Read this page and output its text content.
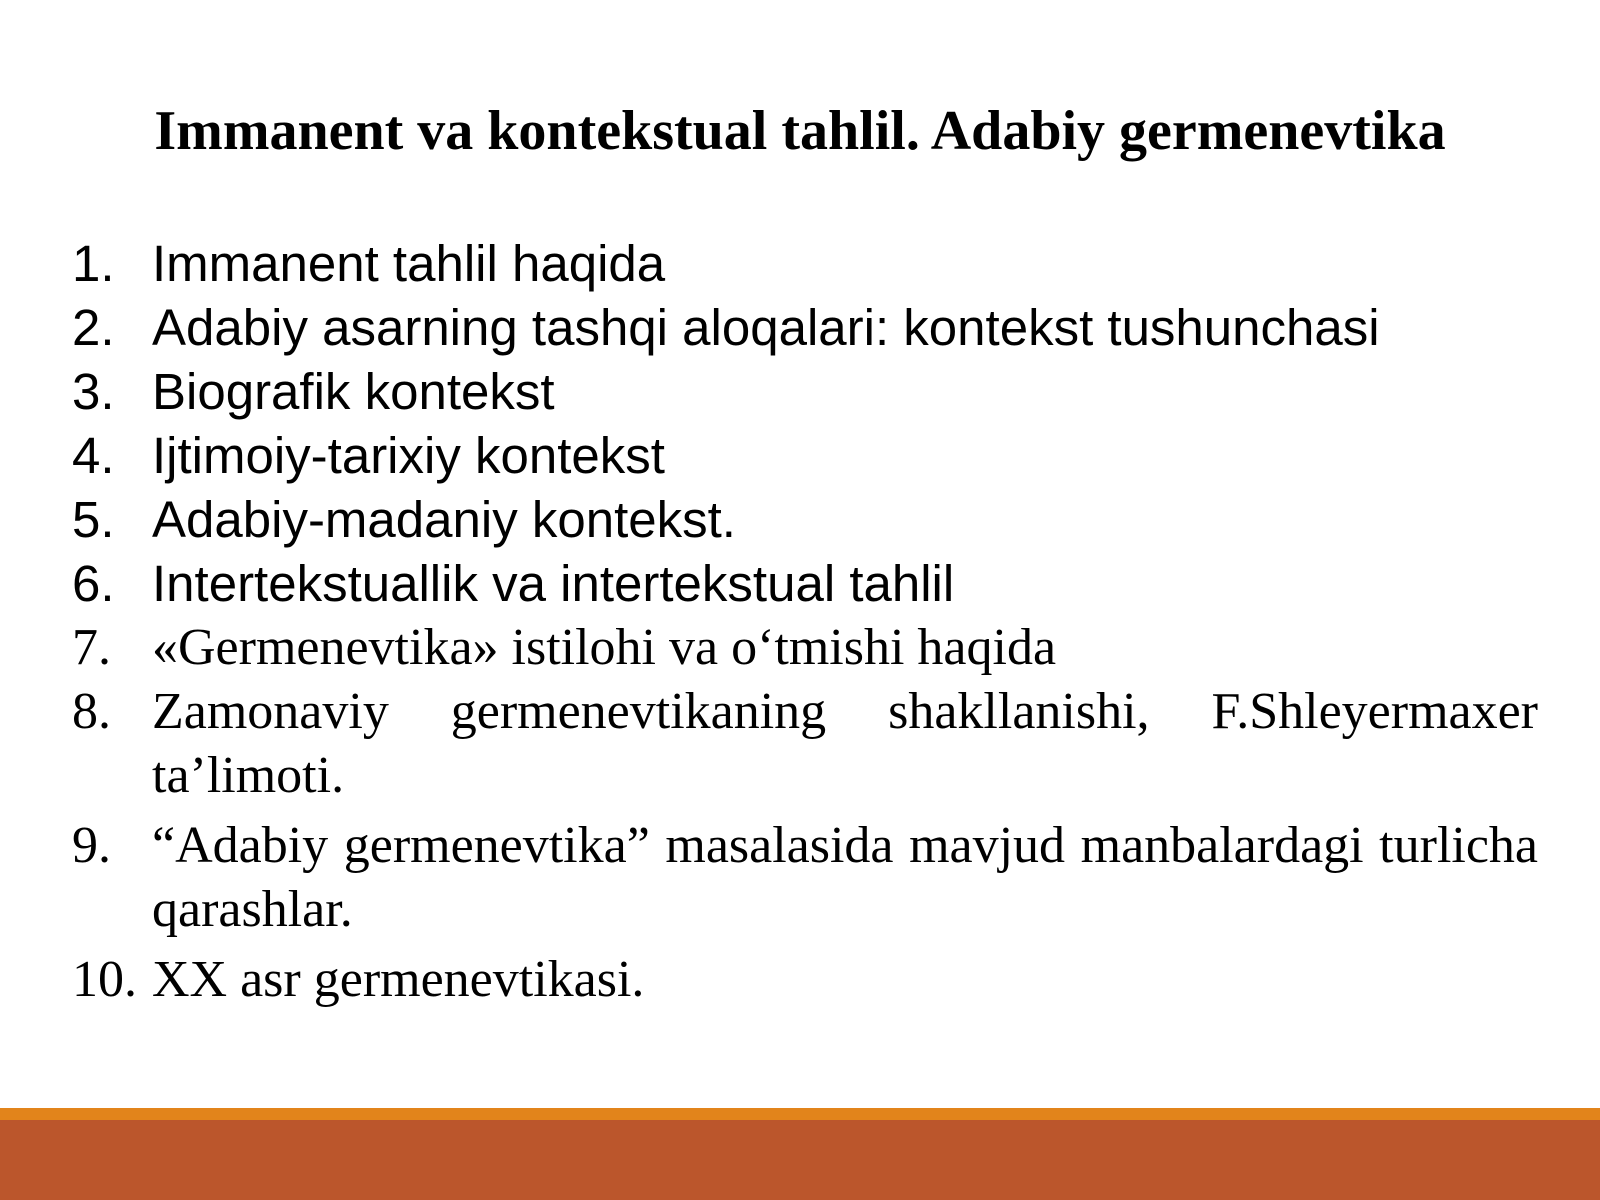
Immanent va kontekstual tahlil. Adabiy germenevtika
1. Immanent tahlil haqida
2. Adabiy asarning tashqi aloqalari: kontekst tushunchasi
3. Biografik kontekst
4. Ijtimoiy-tarixiy kontekst
5. Adabiy-madaniy kontekst.
6. Intertekstuallik va intertekstual tahlil
7. «Germenevtika» istilohi va o‘tmishi haqida
8. Zamonaviy germenevtikaning shakllanishi, F.Shleyermaxer ta’limoti.
9. “Adabiy germenevtika” masalasida mavjud manbalardagi turlicha qarashlar.
10. XX asr germenevtikasi.
